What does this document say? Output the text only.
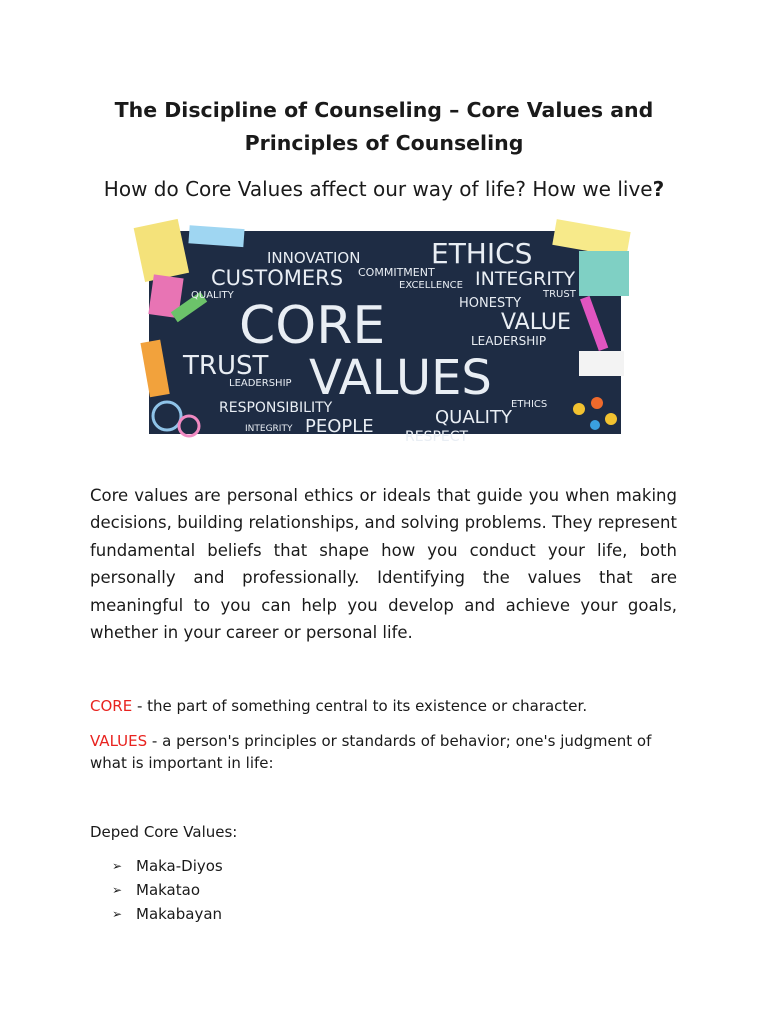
The Discipline of Counseling – Core Values and
Principles of Counseling
How do Core Values affect our way of life? How we live?
INNOVATION	ETHICS
CUSTOMERS COMMITMENT
EXCELLENCE INTEGRITY
QUALITY	TRUST
HONESTY
CORE	VALUE
LEADERSHIP
TRUST VALUES
LEADERSHIP
RESPONSIBILITY	ETHICS
QUALITY
INTEGRITY PEOPLE RESPECT

Core values are personal ethics or ideals that guide you when making decisions, building relationships, and solving problems. They represent fundamental beliefs that shape how you conduct your life, both personally and professionally. Identifying the values that are meaningful to you can help you develop and achieve your goals, whether in your career or personal life.

CORE - the part of something central to its existence or character.
VALUES - a person's principles or standards of behavior; one's judgment of what is important in life:
Deped Core Values:
➢ Maka-Diyos
➢ Makatao
➢ Makabayan
